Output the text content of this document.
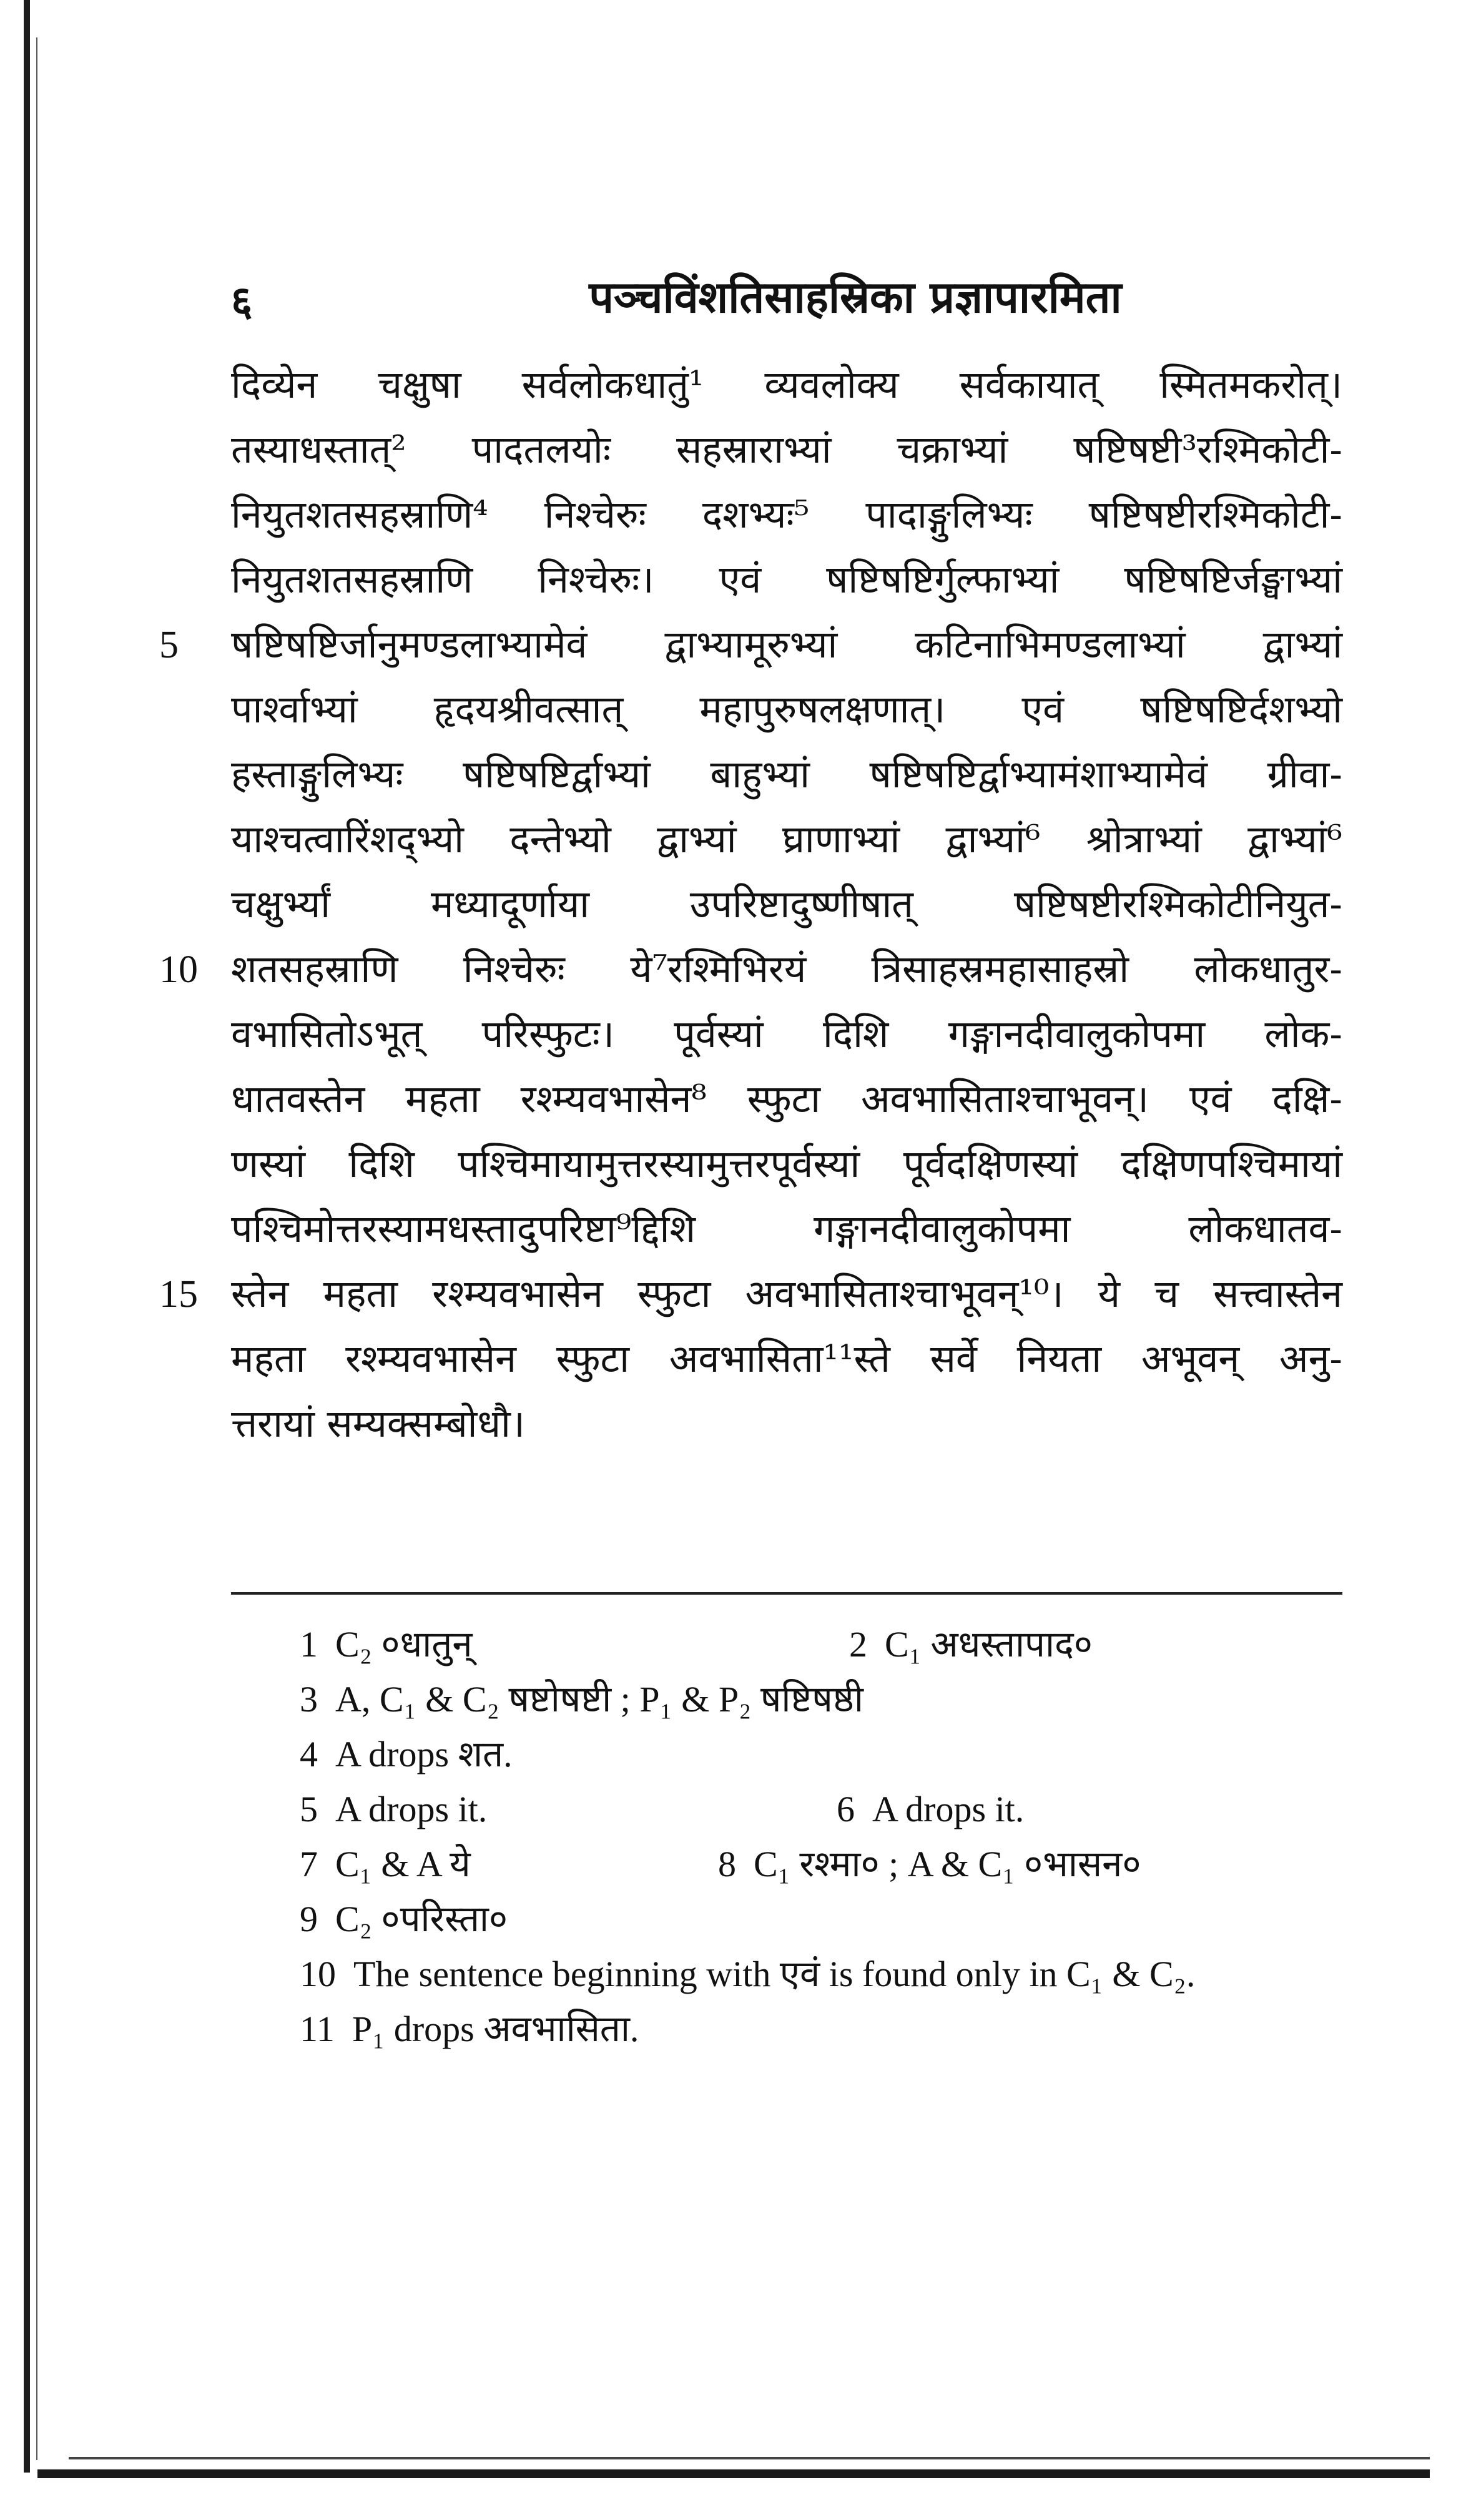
६	पञ्चविंशतिसाहस्रिका प्रज्ञापारमिता
दिव्येन चक्षुषा सर्वलोकधातुं¹ व्यवलोक्य सर्वकायात् स्मितमकरोत्।
तस्याधस्तात्² पादतलयोः सहस्राराभ्यां चक्राभ्यां षष्टिषष्टी³रश्मिकोटी-
नियुतशतसहस्राणि⁴ निश्चेरुः दशभ्यः⁵ पादाङ्गुलिभ्यः षष्टिषष्टीरश्मिकोटी-
नियुतशतसहस्राणि निश्चेरुः। एवं षष्टिषष्टिर्गुल्फाभ्यां षष्टिषष्टिर्जङ्घाभ्यां
5 षष्टिषष्टिर्जानुमण्डलाभ्यामेवं द्वाभ्यामूरुभ्यां कटिनाभिमण्डलाभ्यां द्वाभ्यां
पार्श्वाभ्यां हृदयश्रीवत्सात् महापुरुषलक्षणात्। एवं षष्टिषष्टिर्दशभ्यो
हस्ताङ्गुलिभ्यः षष्टिषष्टिर्द्वाभ्यां बाहुभ्यां षष्टिषष्टिर्द्वाभ्यामंशाभ्यामेवं ग्रीवा-
याश्चत्वारिंशद्भ्यो दन्तेभ्यो द्वाभ्यां घ्राणाभ्यां द्वाभ्यां⁶ श्रोत्राभ्यां द्वाभ्यां⁶
चक्षुर्भ्यां मध्यादूर्णाया उपरिष्टादुष्णीषात् षष्टिषष्टीरश्मिकोटीनियुत-
10 शतसहस्राणि निश्चेरुः ये⁷रश्मिभिरयं त्रिसाहस्रमहासाहस्रो लोकधातुर-
वभासितोऽभूत् परिस्फुटः। पूर्वस्यां दिशि गङ्गानदीवालुकोपमा लोक-
धातवस्तेन महता रश्म्यवभासेन⁸ स्फुटा अवभासिताश्चाभूवन्। एवं दक्षि-
णस्यां दिशि पश्चिमायामुत्तरस्यामुत्तरपूर्वस्यां पूर्वदक्षिणस्यां दक्षिणपश्चिमायां
पश्चिमोत्तरस्यामधस्तादुपरिष्टा⁹द्दिशि गङ्गानदीवालुकोपमा लोकधातव-
15 स्तेन महता रश्म्यवभासेन स्फुटा अवभासिताश्चाभूवन्¹⁰। ये च सत्त्वास्तेन
महता रश्म्यवभासेन स्फुटा अवभासिता¹¹स्ते सर्वे नियता अभूवन् अनु-
त्तरायां सम्यक्सम्बोधौ।
1 C₂ ०धातुन्	2 C₁ अधस्तापाद०
3 A, C₁ & C₂ षष्टोषष्टी ; P₁ & P₂ षष्टिषष्ठी
4 A drops शत.
5 A drops it.	6 A drops it.
7 C₁ & A ये	8 C₁ रश्मा० ; A & C₁ ०भासन०
9 C₂ ०परिस्ता०
10 The sentence beginning with एवं is found only in C₁ & C₂.
11 P₁ drops अवभासिता.
